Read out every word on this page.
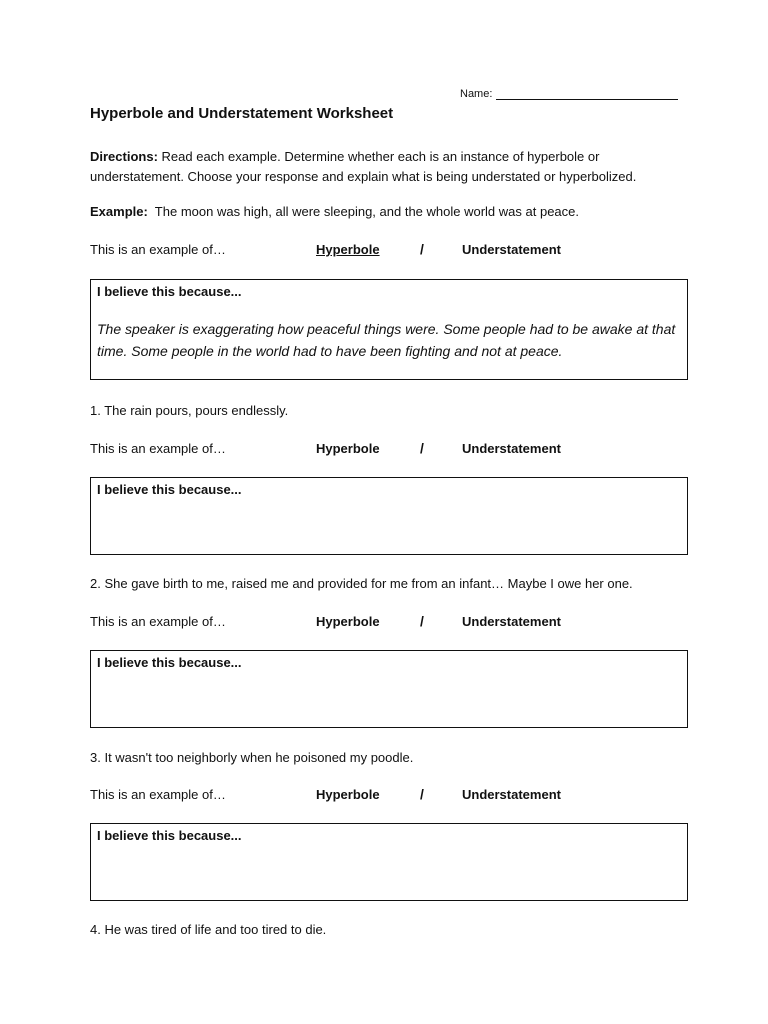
Name:
Hyperbole and Understatement Worksheet
Directions: Read each example. Determine whether each is an instance of hyperbole or understatement. Choose your response and explain what is being understated or hyperbolized.
Example:  The moon was high, all were sleeping, and the whole world was at peace.
This is an example of…	Hyperbole	/	Understatement
I believe this because...
The speaker is exaggerating how peaceful things were. Some people had to be awake at that time. Some people in the world had to have been fighting and not at peace.
1. The rain pours, pours endlessly.
This is an example of…	Hyperbole	/	Understatement
I believe this because...
2. She gave birth to me, raised me and provided for me from an infant… Maybe I owe her one.
This is an example of…	Hyperbole	/	Understatement
I believe this because...
3. It wasn't too neighborly when he poisoned my poodle.
This is an example of…	Hyperbole	/	Understatement
I believe this because...
4. He was tired of life and too tired to die.
